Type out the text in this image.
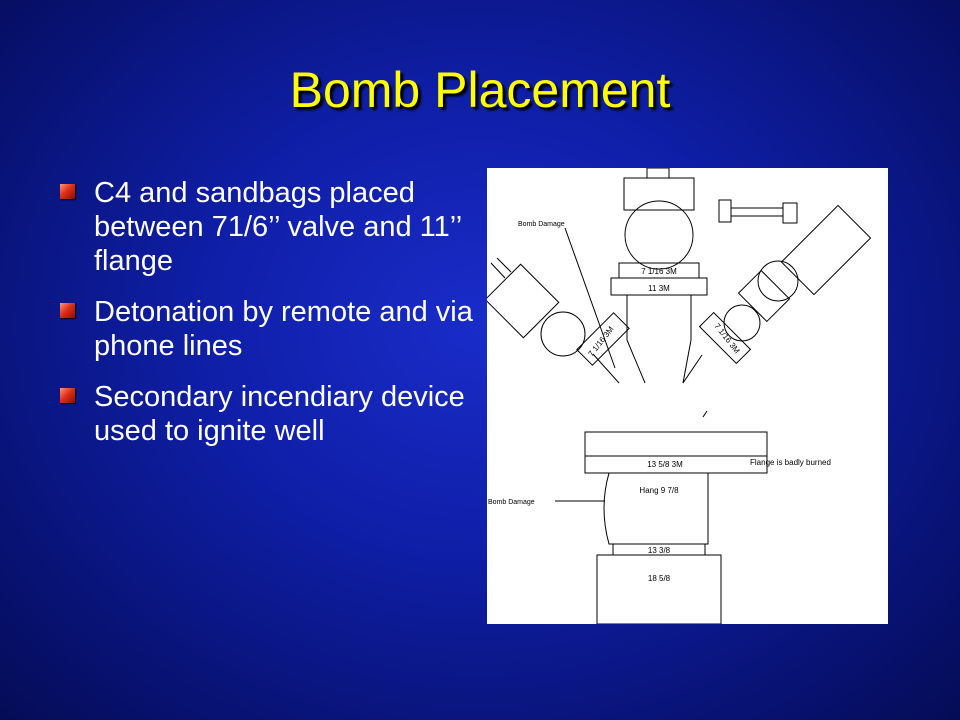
Bomb Placement
C4 and sandbags placed between 71/6’’ valve and 11’’ flange
Detonation by remote and via phone lines
Secondary incendiary device used to ignite well
Bomb Damage
7 1/16 3M
11 3M
7 1/16 3M	7 1/16 3M
13 5/8 3M	Flange is badly burned
Bomb Damage
Hang 9 7/8
13 3/8
18 5/8
